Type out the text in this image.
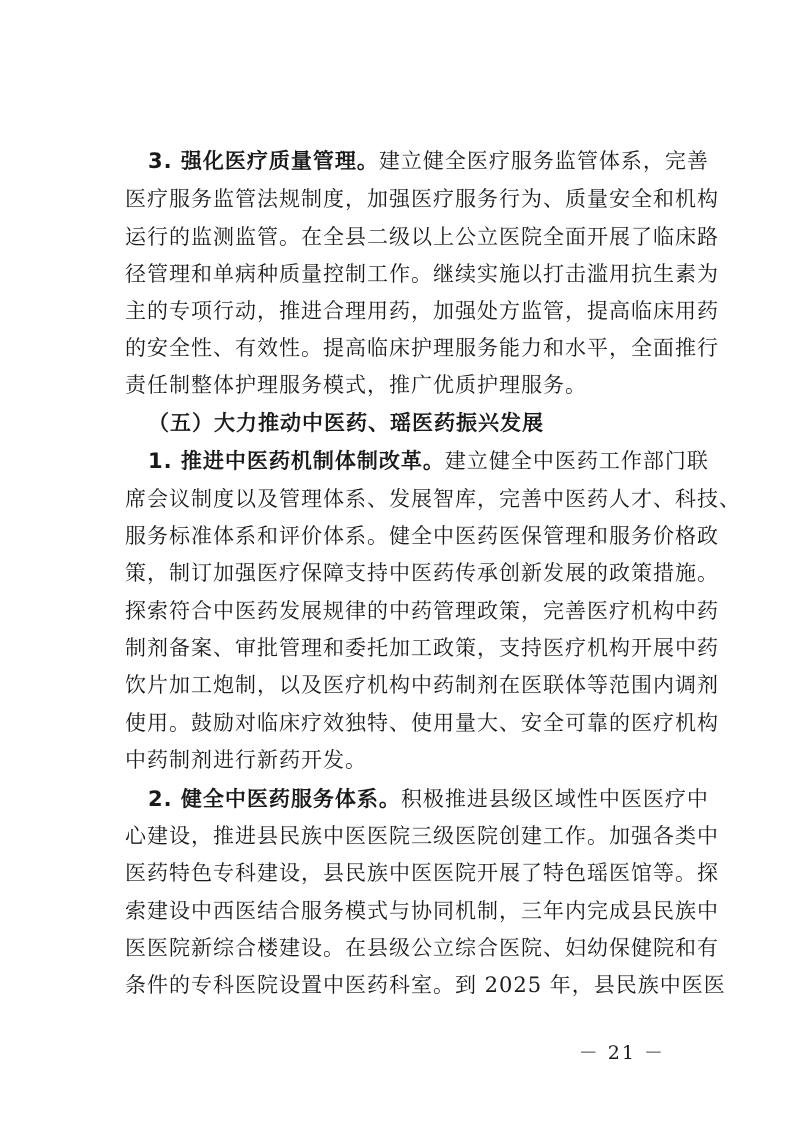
3. 强化医疗质量管理。建立健全医疗服务监管体系，完善
医疗服务监管法规制度，加强医疗服务行为、质量安全和机构
运行的监测监管。在全县二级以上公立医院全面开展了临床路
径管理和单病种质量控制工作。继续实施以打击滥用抗生素为
主的专项行动，推进合理用药，加强处方监管，提高临床用药
的安全性、有效性。提高临床护理服务能力和水平，全面推行
责任制整体护理服务模式，推广优质护理服务。
（五）大力推动中医药、瑶医药振兴发展
1. 推进中医药机制体制改革。建立健全中医药工作部门联
席会议制度以及管理体系、发展智库，完善中医药人才、科技、
服务标准体系和评价体系。健全中医药医保管理和服务价格政
策，制订加强医疗保障支持中医药传承创新发展的政策措施。
探索符合中医药发展规律的中药管理政策，完善医疗机构中药
制剂备案、审批管理和委托加工政策，支持医疗机构开展中药
饮片加工炮制，以及医疗机构中药制剂在医联体等范围内调剂
使用。鼓励对临床疗效独特、使用量大、安全可靠的医疗机构
中药制剂进行新药开发。
2. 健全中医药服务体系。积极推进县级区域性中医医疗中
心建设，推进县民族中医医院三级医院创建工作。加强各类中
医药特色专科建设，县民族中医医院开展了特色瑶医馆等。探
索建设中西医结合服务模式与协同机制，三年内完成县民族中
医医院新综合楼建设。在县级公立综合医院、妇幼保健院和有
条件的专科医院设置中医药科室。到 2025 年，县民族中医医
－ 21 －
